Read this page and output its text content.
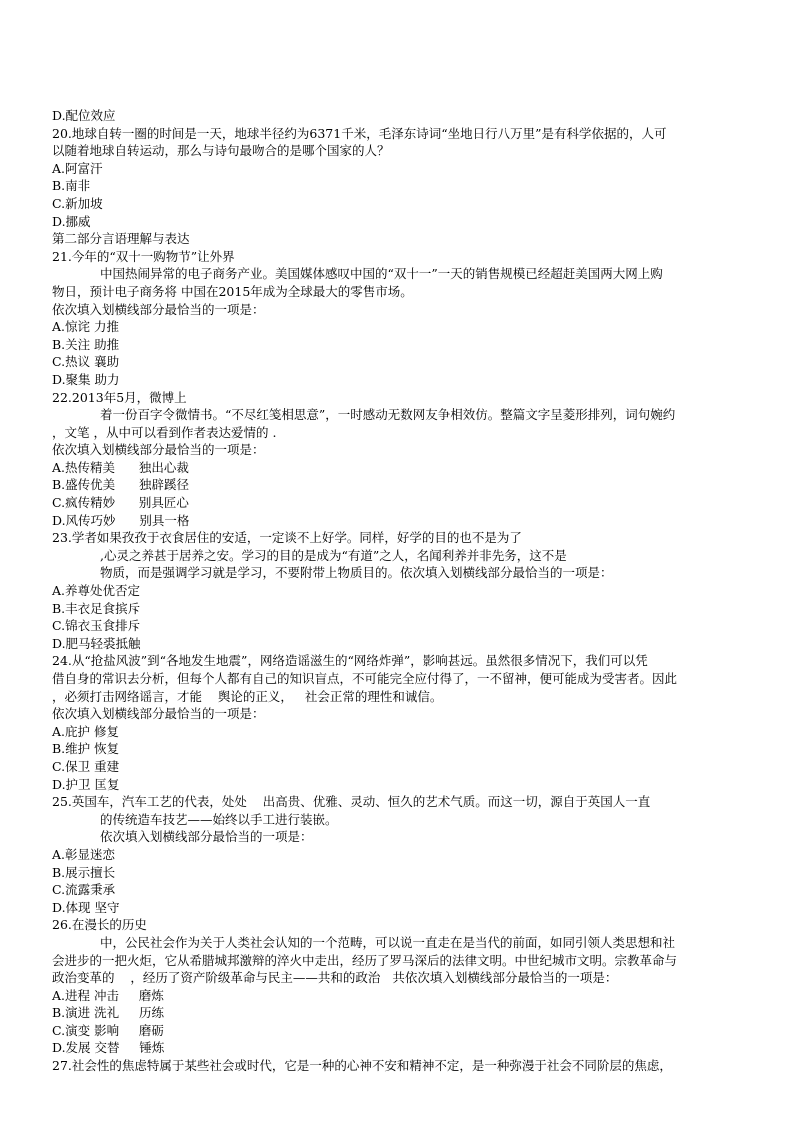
D.配位效应
20.地球自转一圈的时间是一天，地球半径约为6371千米，毛泽东诗词“坐地日行八万里”是有科学依据的，人可
以随着地球自转运动，那么与诗句最吻合的是哪个国家的人？
A.阿富汗
B.南非
C.新加坡
D.挪威
第二部分言语理解与表达
21.今年的“双十一购物节”让外界
中国热闹异常的电子商务产业。美国媒体感叹中国的“双十一”一天的销售规模已经超赶美国两大网上购
物日，预计电子商务将 中国在2015年成为全球最大的零售市场。
依次填入划横线部分最恰当的一项是：
A.惊诧 力推
B.关注 助推
C.热议 襄助
D.聚集 助力
22.2013年5月，微博上
着一份百字令微情书。“不尽红笺相思意”，一时感动无数网友争相效仿。整篇文字呈菱形排列，词句婉约
，文笔 ，从中可以看到作者表达爱情的 .
依次填入划横线部分最恰当的一项是：
A.热传精美      独出心裁
B.盛传优美      独辟蹊径
C.疯传精妙      别具匠心
D.风传巧妙      别具一格
23.学者如果孜孜于衣食居住的安适，一定谈不上好学。同样，好学的目的也不是为了
,心灵之养甚于居养之安。学习的目的是成为“有道”之人，名闻利养并非先务，这不是
物质，而是强调学习就是学习，不要附带上物质目的。依次填入划横线部分最恰当的一项是：
A.养尊处优否定
B.丰衣足食摈斥
C.锦衣玉食排斥
D.肥马轻裘抵触
24.从“抢盐风波”到“各地发生地震”，网络造谣滋生的“网络炸弹”，影响甚远。虽然很多情况下，我们可以凭
借自身的常识去分析，但每个人都有自己的知识盲点，不可能完全应付得了，一不留神，便可能成为受害者。因此
，必须打击网络谣言，才能    舆论的正义，   社会正常的理性和诚信。
依次填入划横线部分最恰当的一项是：
A.庇护 修复
B.维护 恢复
C.保卫 重建
D.护卫 匡复
25.英国车，汽车工艺的代表，处处    出高贵、优雅、灵动、恒久的艺术气质。而这一切，源自于英国人一直
的传统造车技艺——始终以手工进行装嵌。
依次填入划横线部分最恰当的一项是：
A.彰显迷恋
B.展示擅长
C.流露秉承
D.体现 坚守
26.在漫长的历史
中，公民社会作为关于人类社会认知的一个范畴，可以说一直走在是当代的前面，如同引领人类思想和社
会进步的一把火炬，它从希腊城邦激辩的淬火中走出，经历了罗马深后的法律文明。中世纪城市文明。宗教革命与
政治变革的    ，经历了资产阶级革命与民主——共和的政治   共依次填入划横线部分最恰当的一项是：
A.进程 冲击     磨炼
B.演进 洗礼     历练
C.演变 影响     磨砺
D.发展 交替     锤炼
27.社会性的焦虑特属于某些社会或时代，它是一种的心神不安和精神不定，是一种弥漫于社会不同阶层的焦虑，
